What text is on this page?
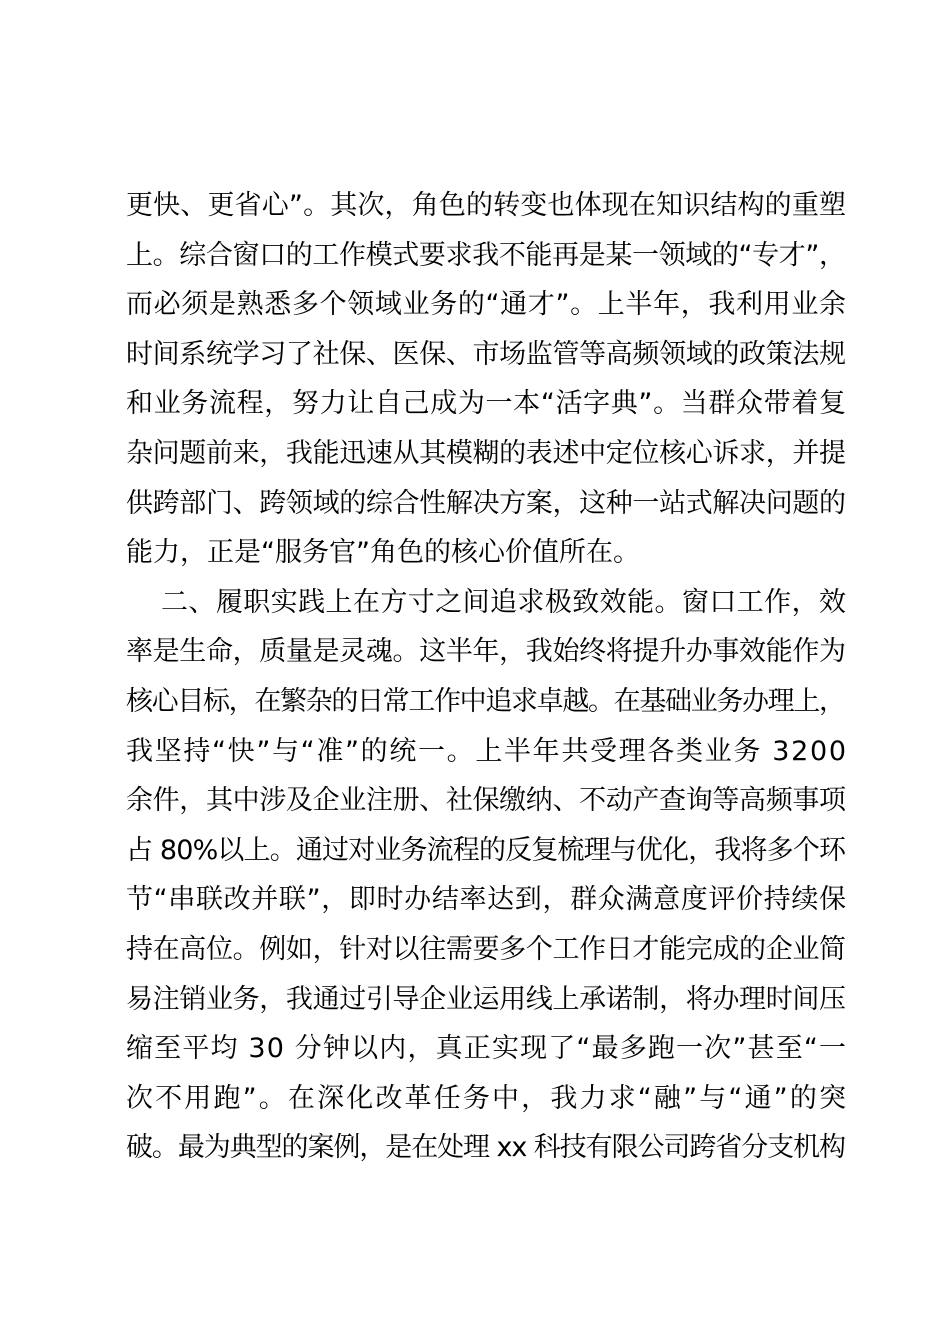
更快、更省心”。其次，角色的转变也体现在知识结构的重塑
上。综合窗口的工作模式要求我不能再是某一领域的“专才”，
而必须是熟悉多个领域业务的“通才”。上半年，我利用业余
时间系统学习了社保、医保、市场监管等高频领域的政策法规
和业务流程，努力让自己成为一本“活字典”。当群众带着复
杂问题前来，我能迅速从其模糊的表述中定位核心诉求，并提
供跨部门、跨领域的综合性解决方案，这种一站式解决问题的
能力，正是“服务官”角色的核心价值所在。
二、履职实践上在方寸之间追求极致效能。窗口工作，效
率是生命，质量是灵魂。这半年，我始终将提升办事效能作为
核心目标，在繁杂的日常工作中追求卓越。在基础业务办理上，
我坚持“快”与“准”的统一。上半年共受理各类业务 3200
余件，其中涉及企业注册、社保缴纳、不动产查询等高频事项
占 80%以上。通过对业务流程的反复梳理与优化，我将多个环
节“串联改并联”，即时办结率达到，群众满意度评价持续保
持在高位。例如，针对以往需要多个工作日才能完成的企业简
易注销业务，我通过引导企业运用线上承诺制，将办理时间压
缩至平均 30 分钟以内，真正实现了“最多跑一次”甚至“一
次不用跑”。在深化改革任务中，我力求“融”与“通”的突
破。最为典型的案例，是在处理 xx 科技有限公司跨省分支机构
